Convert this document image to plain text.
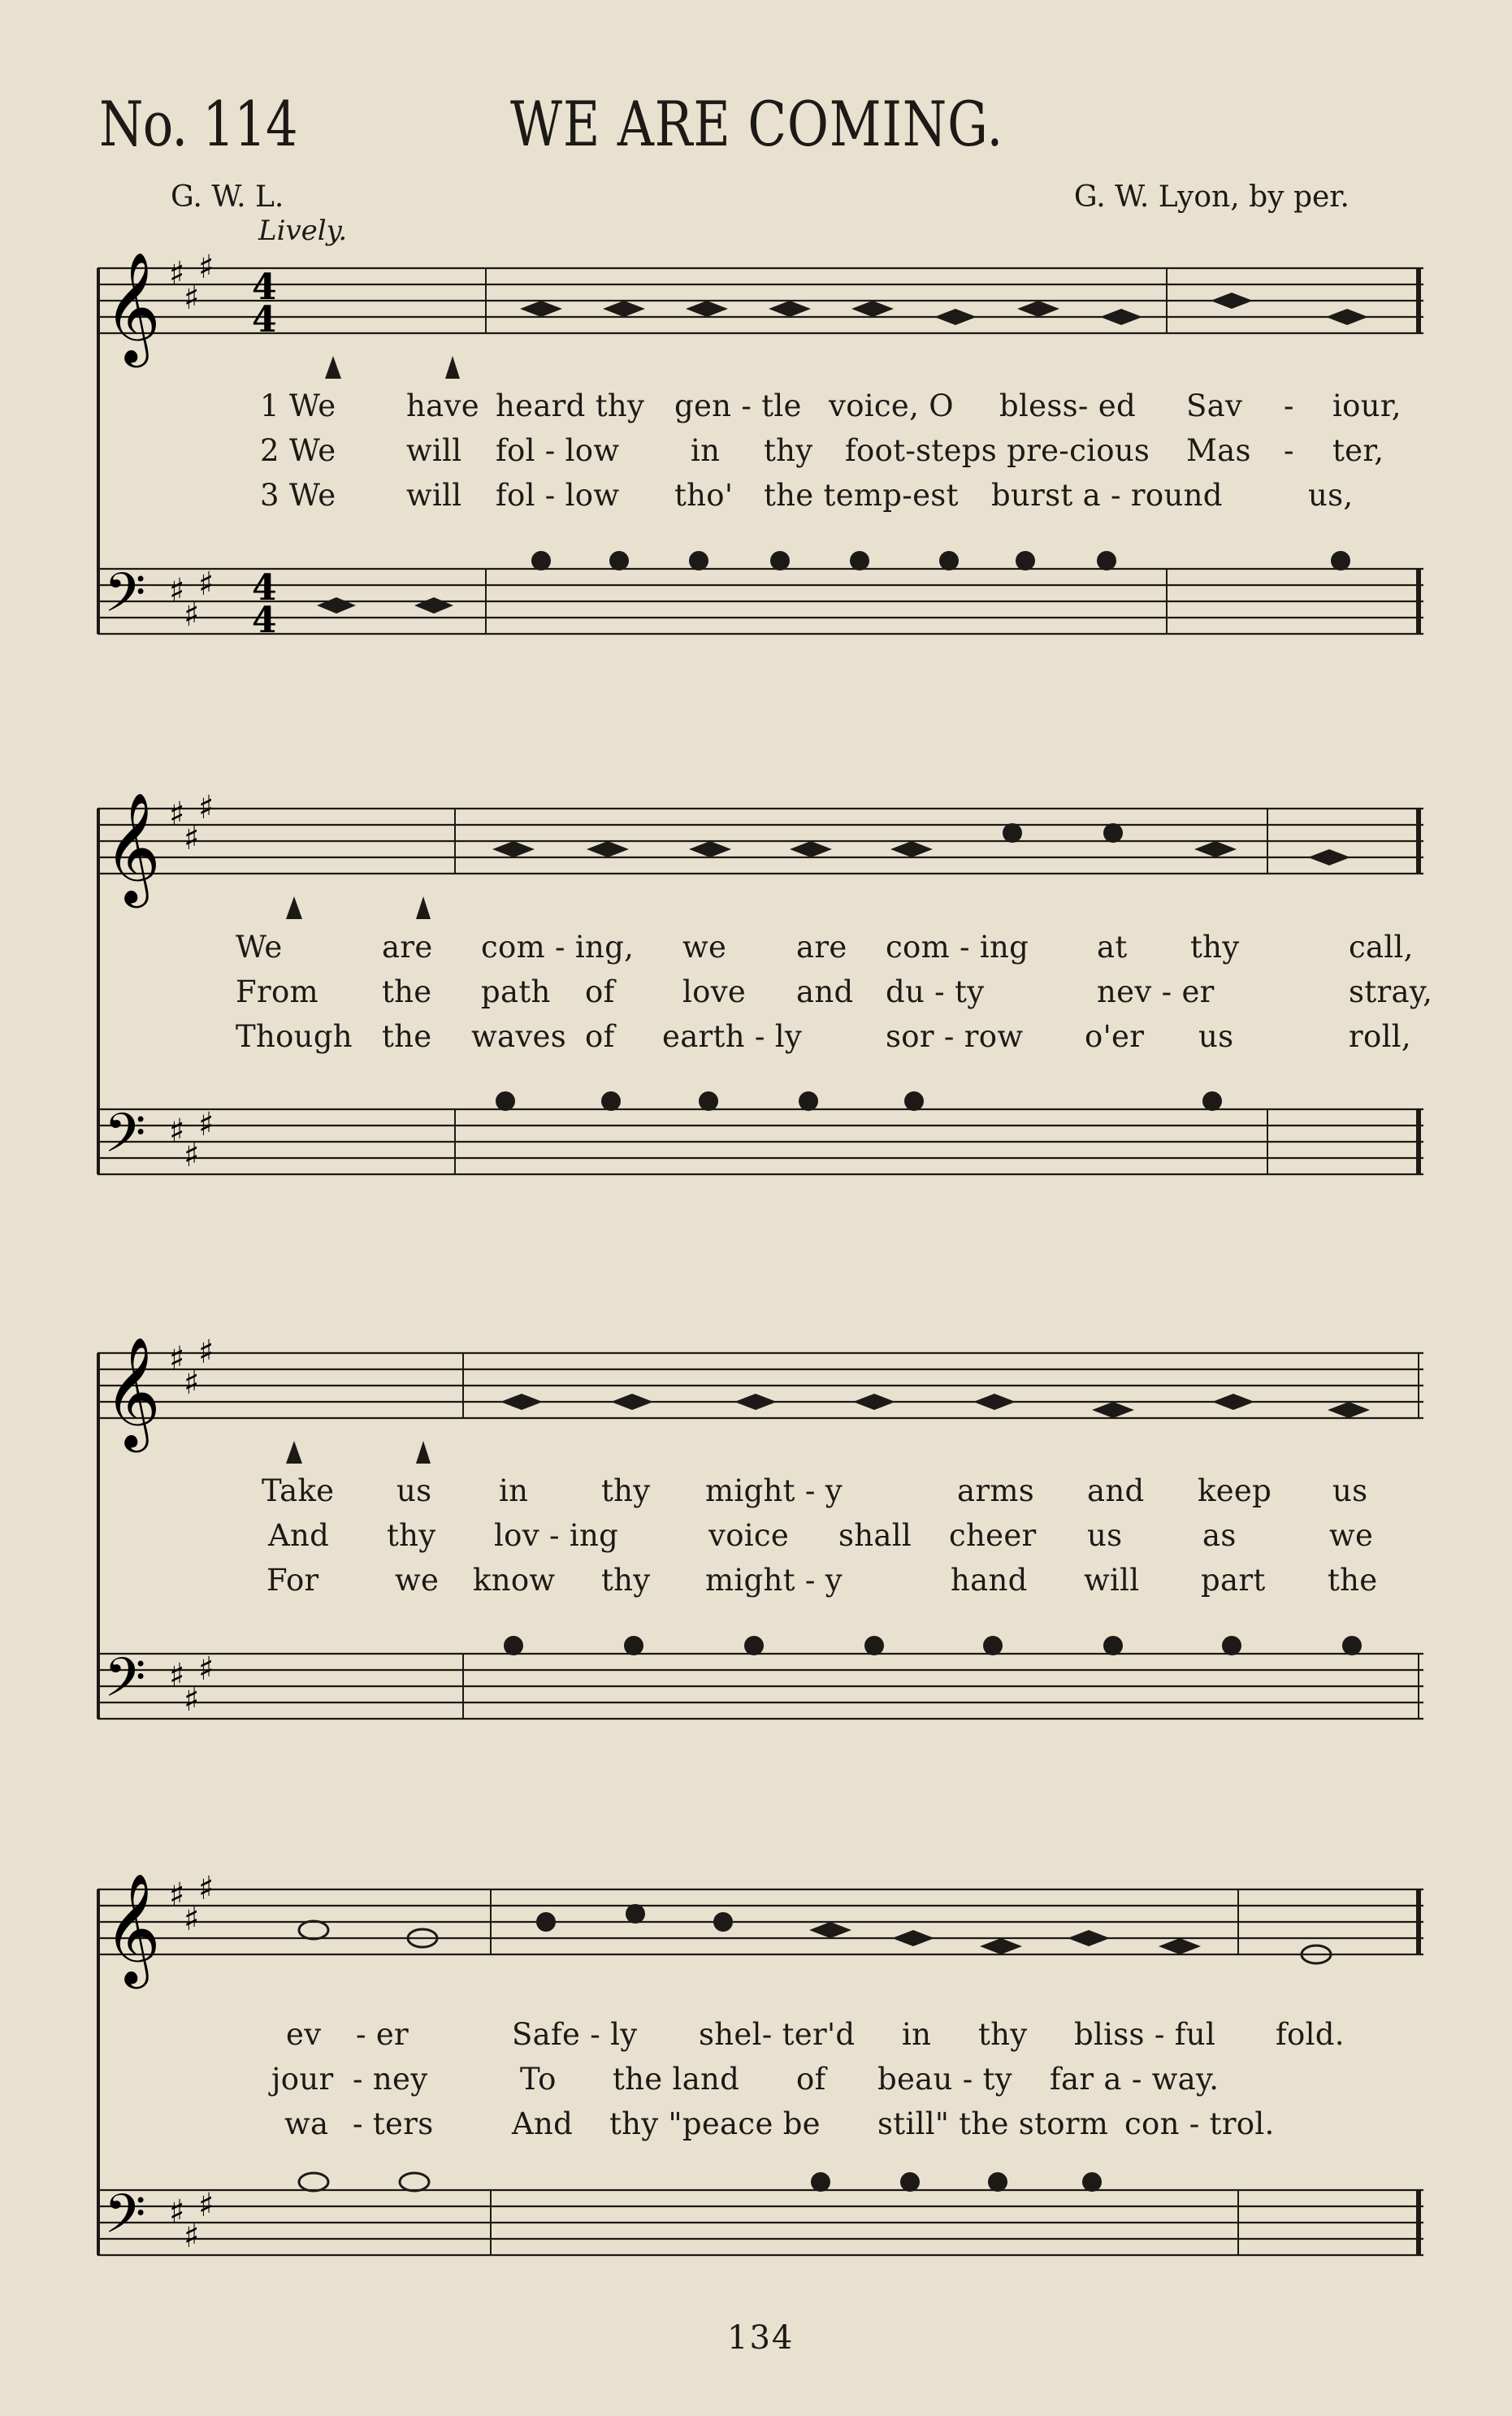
No. 114	WE ARE COMING.
G. W. L.	G. W. Lyon, by per.
Lively.
𝄞
𝄢
♯
♯
♯
♯
♯
♯
4
4
4
4
1 We have heard thy gen - tle voice, O bless- ed Sav - iour,
2 We will fol - low in thy foot-steps pre-cious Mas - ter,
3 We will fol - low tho' the temp-est burst a - round	us,
𝄞
𝄢
♯
♯
♯
♯
♯
♯
We	are com - ing, we are com - ing at thy	call,
From the path of love and du - ty	nev - er	stray,
Though the waves of earth - ly	sor - row o'er us	roll,
𝄞
𝄢
♯
♯
♯
♯
♯
♯
Take us in thy might - y	arms and keep us
And thy lov - ing	voice shall cheer us	as	we
For	we know thy might - y	hand will part the
𝄞
𝄢
♯
♯
♯
♯
♯
♯
ev - er	Safe - ly shel- ter'd in thy bliss - ful fold.
jour - ney	To the land of beau - ty far a - way.
wa - ters	And thy "peace be still" the storm con - trol.
134
